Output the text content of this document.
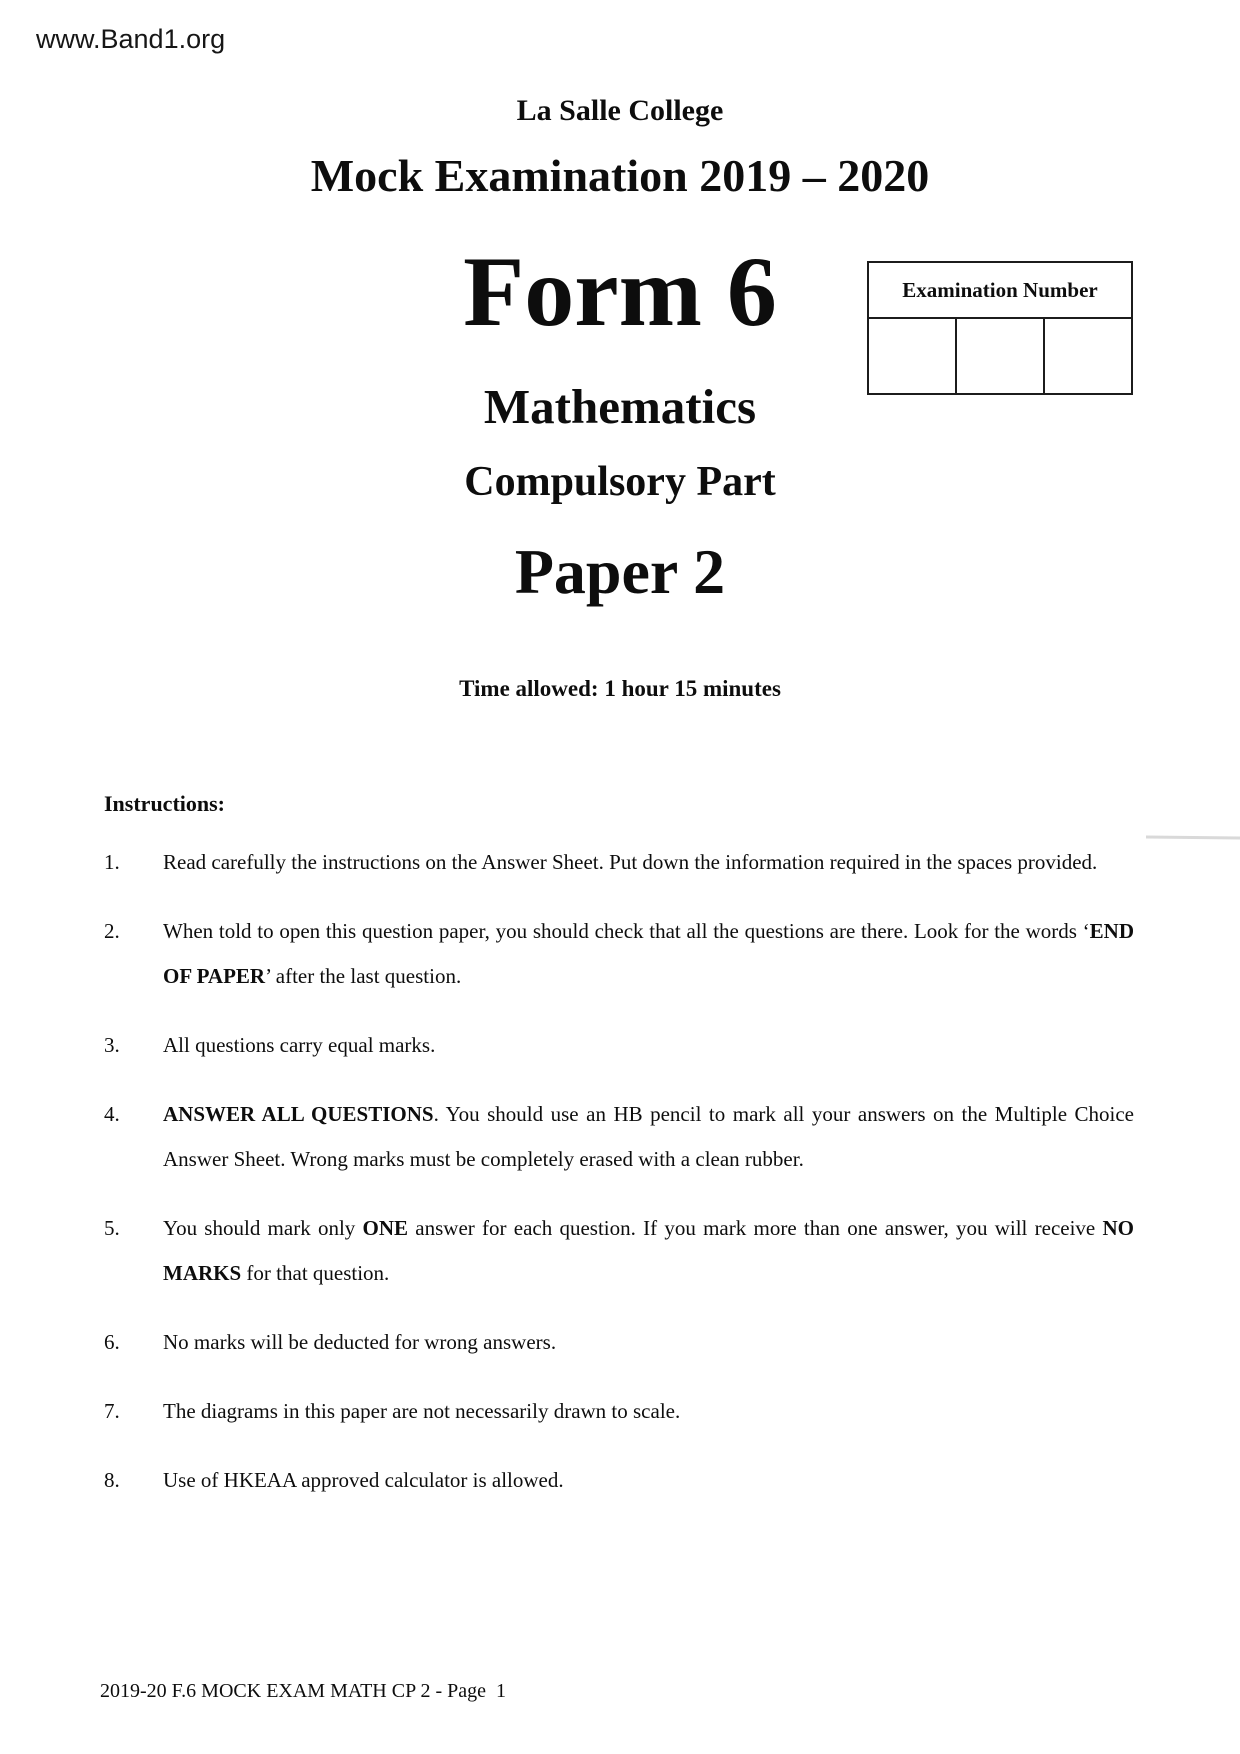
www.Band1.org
La Salle College
Mock Examination 2019 – 2020
Form 6
Mathematics
Compulsory Part
Paper 2
Time allowed: 1 hour 15 minutes
Examination Number
Instructions:
1.	Read carefully the instructions on the Answer Sheet. Put down the information required in the spaces provided.
2.	When told to open this question paper, you should check that all the questions are there. Look for the words ‘END OF PAPER’ after the last question.
3.	All questions carry equal marks.
4.	ANSWER ALL QUESTIONS. You should use an HB pencil to mark all your answers on the Multiple Choice Answer Sheet. Wrong marks must be completely erased with a clean rubber.
5.	You should mark only ONE answer for each question. If you mark more than one answer, you will receive NO MARKS for that question.
6.	No marks will be deducted for wrong answers.
7.	The diagrams in this paper are not necessarily drawn to scale.
8.	Use of HKEAA approved calculator is allowed.
2019-20 F.6 MOCK EXAM MATH CP 2 - Page  1
